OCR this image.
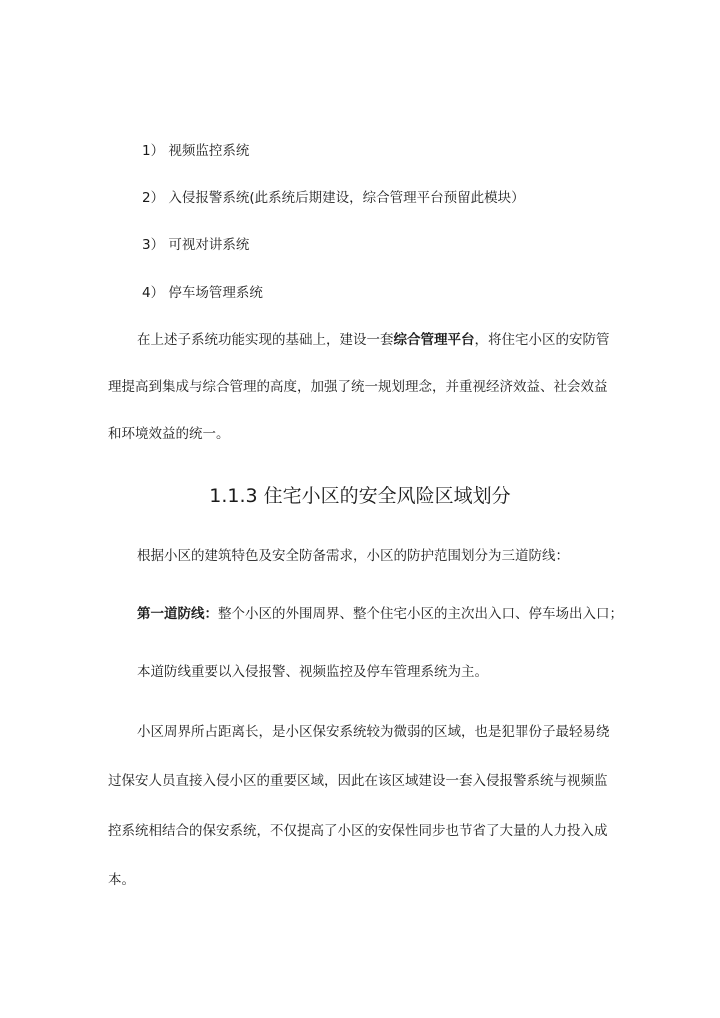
1） 视频监控系统
2） 入侵报警系统(此系统后期建设，综合管理平台预留此模块）
3） 可视对讲系统
4） 停车场管理系统
在上述子系统功能实现的基础上，建设一套综合管理平台，将住宅小区的安防管
理提高到集成与综合管理的高度，加强了统一规划理念，并重视经济效益、社会效益
和环境效益的统一。
1.1.3 住宅小区的安全风险区域划分
根据小区的建筑特色及安全防备需求，小区的防护范围划分为三道防线：
第一道防线：整个小区的外围周界、整个住宅小区的主次出入口、停车场出入口；
本道防线重要以入侵报警、视频监控及停车管理系统为主。
小区周界所占距离长，是小区保安系统较为微弱的区域，也是犯罪份子最轻易绕
过保安人员直接入侵小区的重要区域，因此在该区域建设一套入侵报警系统与视频监
控系统相结合的保安系统，不仅提高了小区的安保性同步也节省了大量的人力投入成
本。
